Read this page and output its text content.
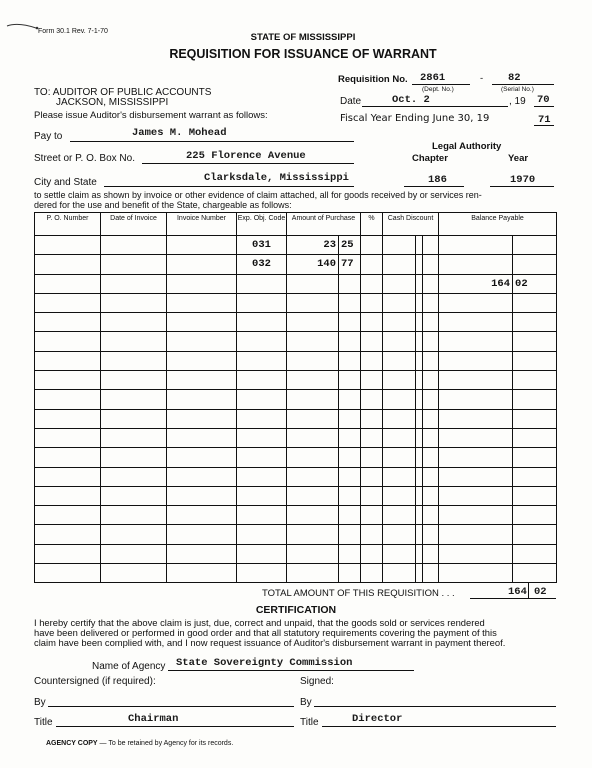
Form 30.1 Rev. 7-1-70
STATE OF MISSISSIPPI
REQUISITION FOR ISSUANCE OF WARRANT
Requisition No. 2861	- 82
(Dept. No.)	(Serial No.)
TO: AUDITOR OF PUBLIC ACCOUNTS
JACKSON, MISSISSIPPI
Please issue Auditor's disbursement warrant as follows:
Date	Oct. 2	, 19 70
Fiscal Year Ending June 30, 19	71
Pay to	James M. Mohead
Legal Authority
Chapter	Year
Street or P. O. Box No.	225 Florence Avenue
City and State	Clarksdale, Mississippi	186	1970
to settle claim as shown by invoice or other evidence of claim attached, all for goods received by or services ren-
dered for the use and benefit of the State, chargeable as follows:
P. O. Number	Date of Invoice	Invoice Number	Exp. Obj. Code	Amount of Purchase		%	Cash Discount			Balance Payable	
			031	23	25						
			032	140	77						
										164	02

TOTAL AMOUNT OF THIS REQUISITION . . .	164 02
CERTIFICATION
I hereby certify that the above claim is just, due, correct and unpaid, that the goods sold or services rendered
have been delivered or performed in good order and that all statutory requirements covering the payment of this
claim have been complied with, and I now request issuance of Auditor's disbursement warrant in payment thereof.
Name of Agency State Sovereignty Commission
Countersigned (if required):	Signed:
By	By
Title	Chairman	Title	Director
AGENCY COPY — To be retained by Agency for its records.
